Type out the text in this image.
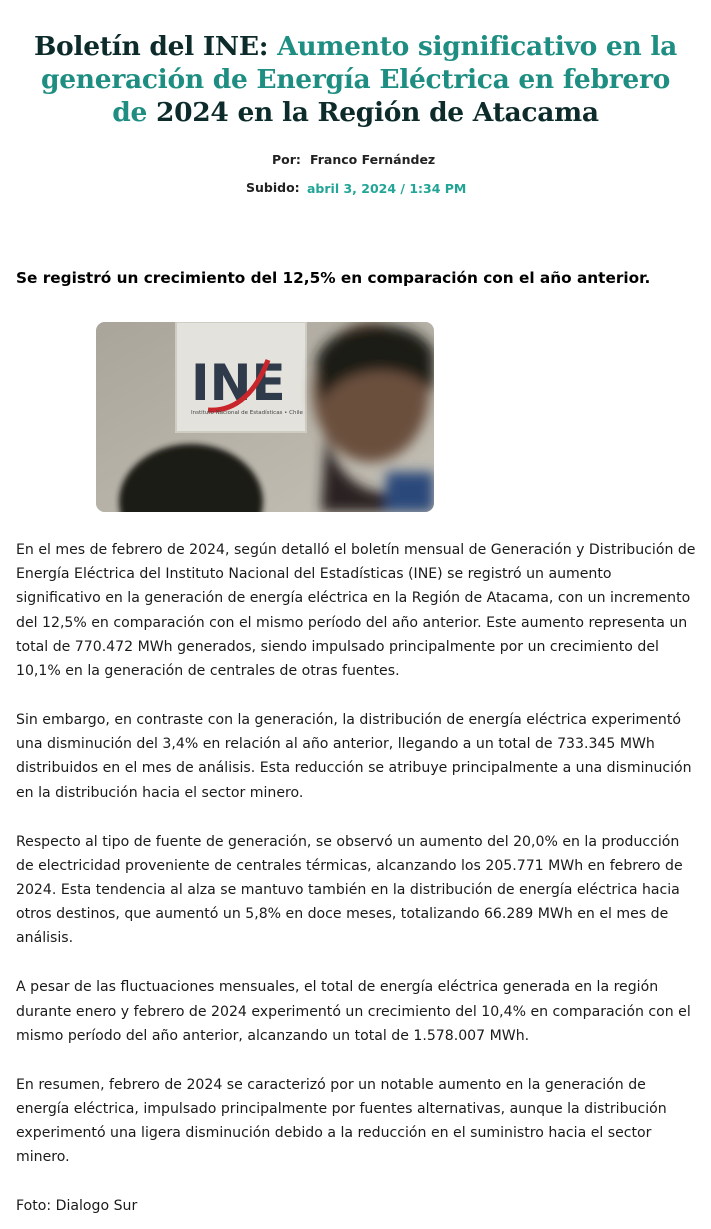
Boletín del INE: Aumento significativo en la generación de Energía Eléctrica en febrero de 2024 en la Región de Atacama
Por: Franco Fernández
Subido: abril 3, 2024 / 1:34 PM

Se registró un crecimiento del 12,5% en comparación con el año anterior.

INE
Instituto Nacional de Estadísticas • Chile

En el mes de febrero de 2024, según detalló el boletín mensual de Generación y Distribución de Energía Eléctrica del Instituto Nacional del Estadísticas (INE) se registró un aumento significativo en la generación de energía eléctrica en la Región de Atacama, con un incremento del 12,5% en comparación con el mismo período del año anterior. Este aumento representa un total de 770.472 MWh generados, siendo impulsado principalmente por un crecimiento del 10,1% en la generación de centrales de otras fuentes.

Sin embargo, en contraste con la generación, la distribución de energía eléctrica experimentó una disminución del 3,4% en relación al año anterior, llegando a un total de 733.345 MWh distribuidos en el mes de análisis. Esta reducción se atribuye principalmente a una disminución en la distribución hacia el sector minero.

Respecto al tipo de fuente de generación, se observó un aumento del 20,0% en la producción de electricidad proveniente de centrales térmicas, alcanzando los 205.771 MWh en febrero de 2024. Esta tendencia al alza se mantuvo también en la distribución de energía eléctrica hacia otros destinos, que aumentó un 5,8% en doce meses, totalizando 66.289 MWh en el mes de análisis.

A pesar de las fluctuaciones mensuales, el total de energía eléctrica generada en la región durante enero y febrero de 2024 experimentó un crecimiento del 10,4% en comparación con el mismo período del año anterior, alcanzando un total de 1.578.007 MWh.

En resumen, febrero de 2024 se caracterizó por un notable aumento en la generación de energía eléctrica, impulsado principalmente por fuentes alternativas, aunque la distribución experimentó una ligera disminución debido a la reducción en el suministro hacia el sector minero.

Foto: Dialogo Sur
